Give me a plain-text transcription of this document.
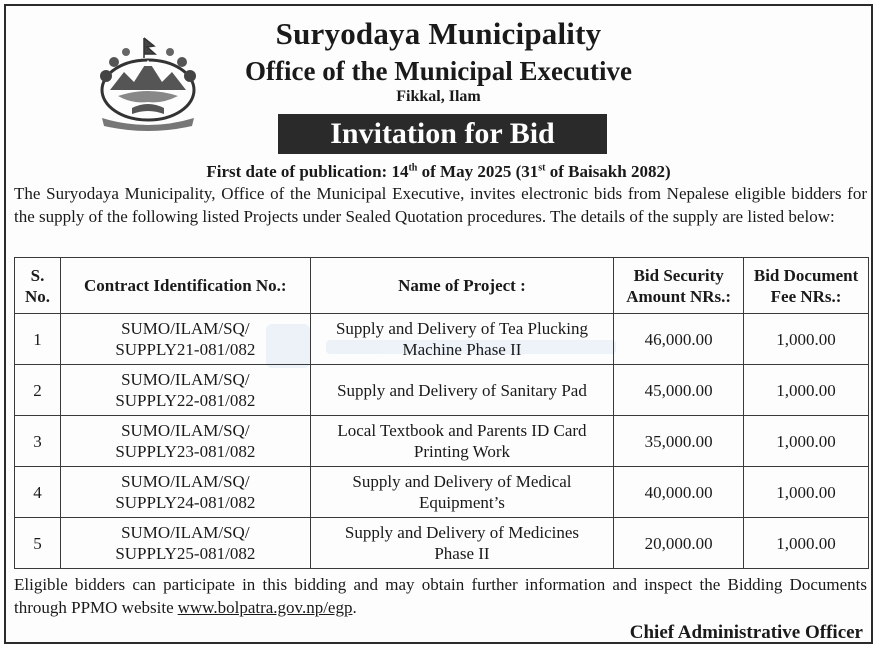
Suryodaya Municipality
Office of the Municipal Executive
Fikkal, Ilam
Invitation for Bid
First date of publication: 14th of May 2025 (31st of Baisakh 2082)

The Suryodaya Municipality, Office of the Municipal Executive, invites electronic bids from Nepalese eligible bidders for the supply of the following listed Projects under Sealed Quotation procedures. The details of the supply are listed below:

S.
No.	Contract Identification No.:	Name of Project :	Bid Security
Amount NRs.:	Bid Document
Fee NRs.:
1	SUMO/ILAM/SQ/
SUPPLY21-081/082	Supply and Delivery of Tea Plucking
Machine Phase II	46,000.00	1,000.00
2	SUMO/ILAM/SQ/
SUPPLY22-081/082	Supply and Delivery of Sanitary Pad	45,000.00	1,000.00
3	SUMO/ILAM/SQ/
SUPPLY23-081/082	Local Textbook and Parents ID Card
Printing Work	35,000.00	1,000.00
4	SUMO/ILAM/SQ/
SUPPLY24-081/082	Supply and Delivery of Medical
Equipment’s	40,000.00	1,000.00
5	SUMO/ILAM/SQ/
SUPPLY25-081/082	Supply and Delivery of Medicines
Phase II	20,000.00	1,000.00

Eligible bidders can participate in this bidding and may obtain further information and inspect the Bidding Documents through PPMO website www.bolpatra.gov.np/egp.

Chief Administrative Officer
